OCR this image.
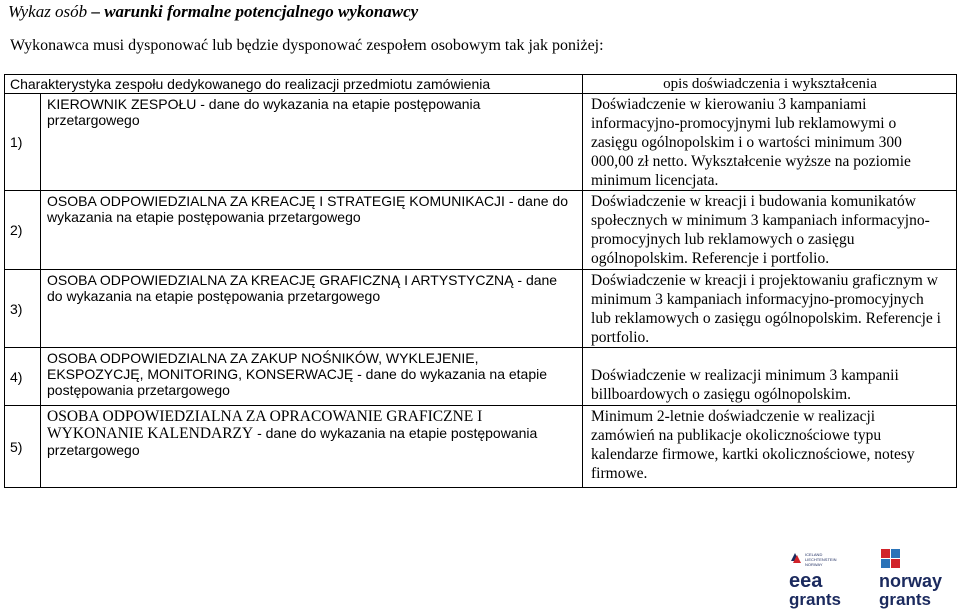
Wykaz osób – warunki formalne potencjalnego wykonawcy
Wykonawca musi dysponować lub będzie dysponować zespołem osobowym tak jak poniżej:
Charakterystyka zespołu dedykowanego do realizacji przedmiotu zamówienia		opis doświadczenia i wykształcenia
1)	KIEROWNIK ZESPOŁU - dane do wykazania na etapie postępowania przetargowego	Doświadczenie w kierowaniu 3 kampaniami informacyjno-promocyjnymi lub reklamowymi o zasięgu ogólnopolskim i o wartości minimum 300 000,00 zł netto. Wykształcenie wyższe na poziomie minimum licencjata.
2)	OSOBA ODPOWIEDZIALNA ZA KREACJĘ I STRATEGIĘ KOMUNIKACJI - dane do wykazania na etapie postępowania przetargowego	Doświadczenie w kreacji i budowania komunikatów społecznych w minimum 3 kampaniach informacyjno-promocyjnych lub reklamowych o zasięgu ogólnopolskim. Referencje i portfolio.
3)	OSOBA ODPOWIEDZIALNA ZA KREACJĘ GRAFICZNĄ I ARTYSTYCZNĄ - dane do wykazania na etapie postępowania przetargowego	Doświadczenie w kreacji i projektowaniu graficznym w minimum 3 kampaniach informacyjno-promocyjnych lub reklamowych o zasięgu ogólnopolskim. Referencje i portfolio.
4)	OSOBA ODPOWIEDZIALNA ZA ZAKUP NOŚNIKÓW, WYKLEJENIE, EKSPOZYCJĘ, MONITORING, KONSERWACJĘ - dane do wykazania na etapie postępowania przetargowego	Doświadczenie w realizacji minimum 3 kampanii billboardowych o zasięgu ogólnopolskim.
5)	OSOBA ODPOWIEDZIALNA ZA OPRACOWANIE GRAFICZNE I WYKONANIE KALENDARZY - dane do wykazania na etapie postępowania przetargowego	Minimum 2-letnie doświadczenie w realizacji
zamówień na publikacje okolicznościowe typu
kalendarze firmowe, kartki okolicznościowe, notesy
firmowe.
ICELAND
LIECHTENSTEIN
NORWAY
eea
grants
norway
grants
